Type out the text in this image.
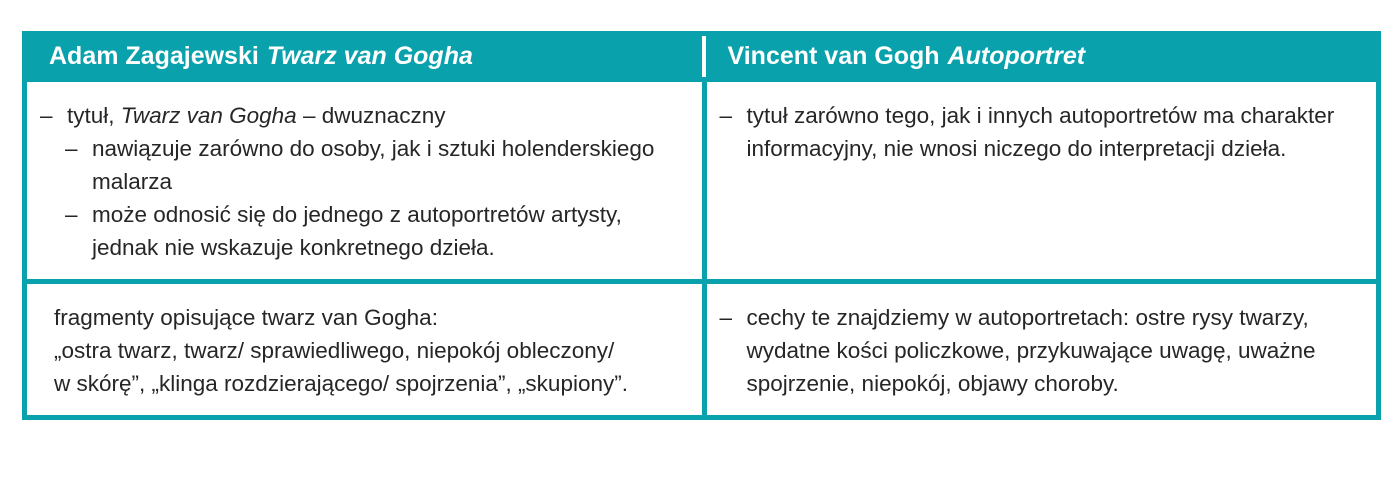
Adam Zagajewski Twarz van Gogha	Vincent van Gogh Autoportret
– tytuł, Twarz van Gogha – dwuznaczny
– nawiązuje zarówno do osoby, jak i sztuki holenderskiego malarza
– może odnosić się do jednego z autoportretów artysty, jednak nie wskazuje konkretnego dzieła.
– tytuł zarówno tego, jak i innych autoportretów ma charakter informacyjny, nie wnosi niczego do interpretacji dzieła.
fragmenty opisujące twarz van Gogha:
„ostra twarz, twarz/ sprawiedliwego, niepokój obleczony/
w skórę”, „klinga rozdzierającego/ spojrzenia”, „skupiony”.
– cechy te znajdziemy w autoportretach: ostre rysy twarzy, wydatne kości policzkowe, przykuwające uwagę, uważne spojrzenie, niepokój, objawy choroby.
